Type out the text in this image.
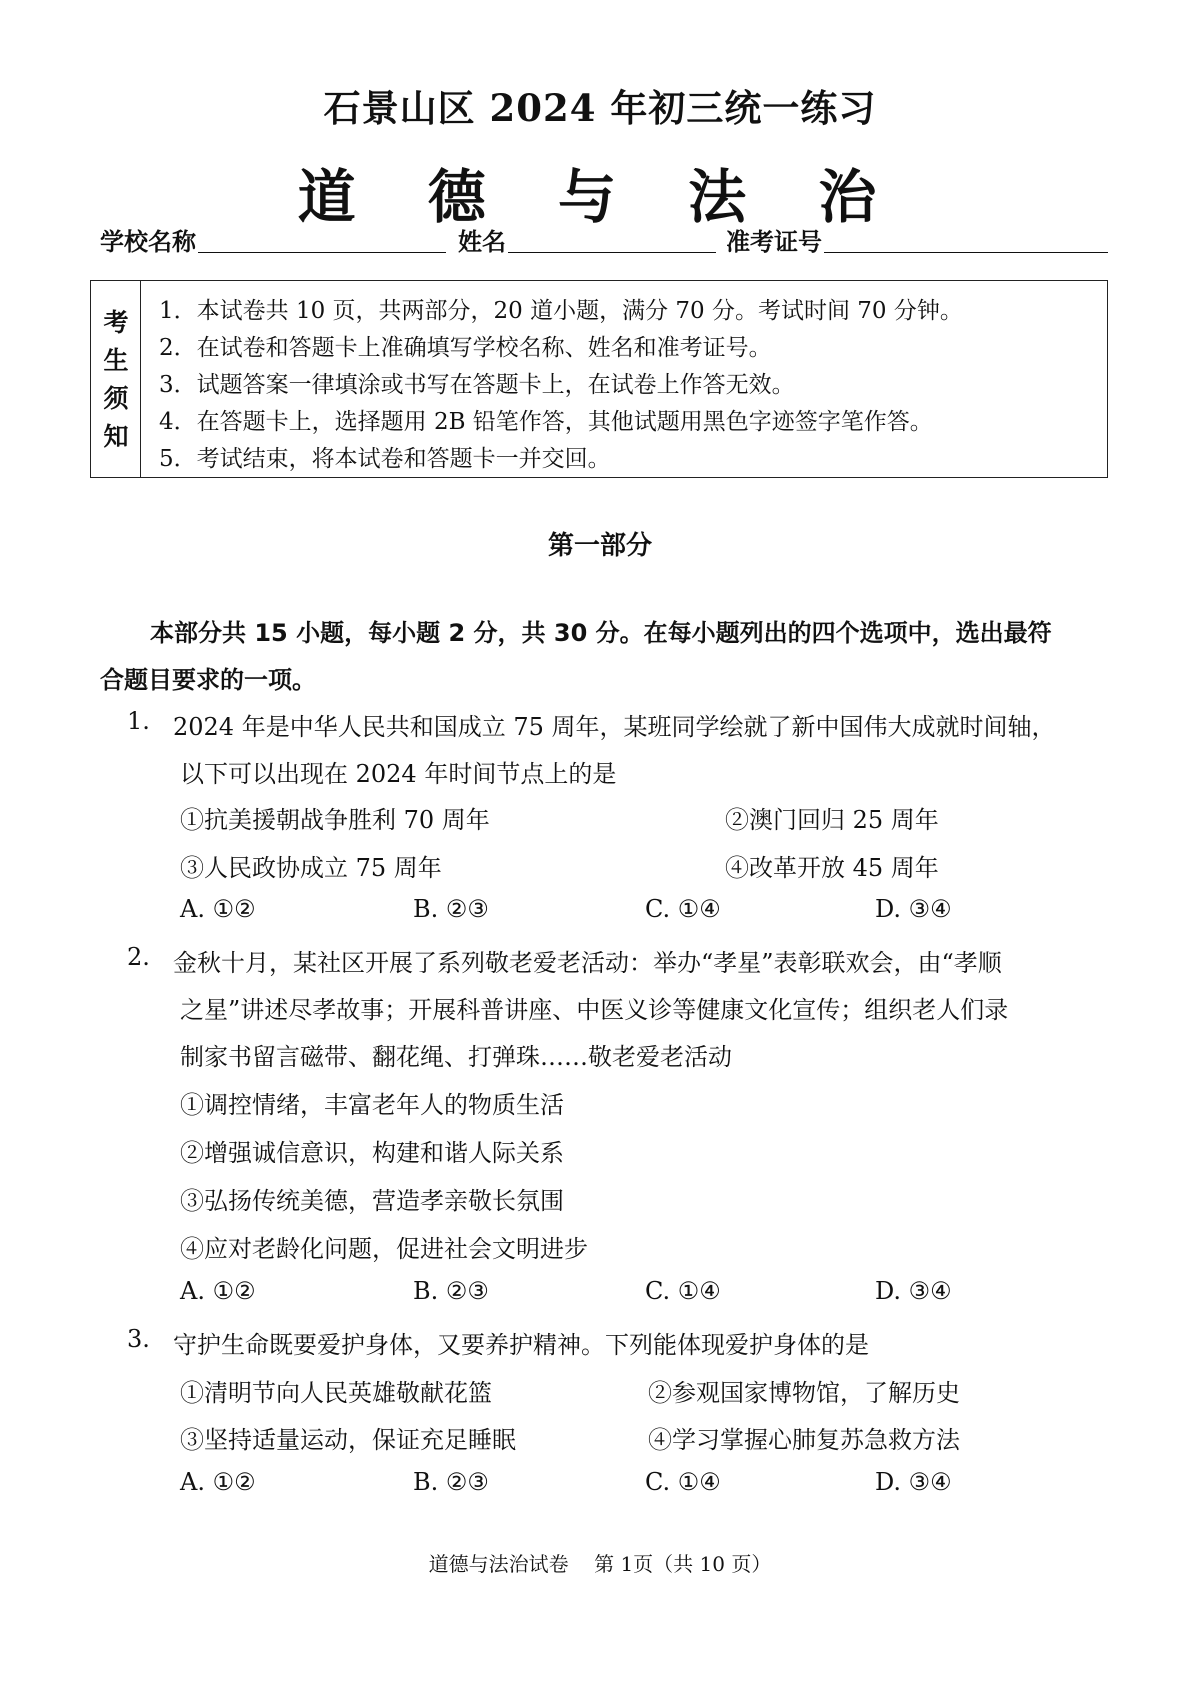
石景山区 2024 年初三统一练习
道 德 与 法 治
学校名称	姓名	准考证号
考
生
须
知
1．本试卷共 10 页，共两部分，20 道小题，满分 70 分。考试时间 70 分钟。
2．在试卷和答题卡上准确填写学校名称、姓名和准考证号。
3．试题答案一律填涂或书写在答题卡上，在试卷上作答无效。
4．在答题卡上，选择题用 2B 铅笔作答，其他试题用黑色字迹签字笔作答。
5．考试结束，将本试卷和答题卡一并交回。
第一部分
本部分共 15 小题，每小题 2 分，共 30 分。在每小题列出的四个选项中，选出最符
合题目要求的一项。
1. 2024 年是中华人民共和国成立 75 周年，某班同学绘就了新中国伟大成就时间轴，
以下可以出现在 2024 年时间节点上的是
①抗美援朝战争胜利 70 周年	②澳门回归 25 周年
③人民政协成立 75 周年	④改革开放 45 周年
A. ①②	B. ②③	C. ①④	D. ③④
2. 金秋十月，某社区开展了系列敬老爱老活动：举办“孝星”表彰联欢会，由“孝顺
之星”讲述尽孝故事；开展科普讲座、中医义诊等健康文化宣传；组织老人们录
制家书留言磁带、翻花绳、打弹珠……敬老爱老活动
①调控情绪，丰富老年人的物质生活
②增强诚信意识，构建和谐人际关系
③弘扬传统美德，营造孝亲敬长氛围
④应对老龄化问题，促进社会文明进步
A. ①②	B. ②③	C. ①④	D. ③④
3. 守护生命既要爱护身体，又要养护精神。下列能体现爱护身体的是
①清明节向人民英雄敬献花篮	②参观国家博物馆，了解历史
③坚持适量运动，保证充足睡眠	④学习掌握心肺复苏急救方法
A. ①②	B. ②③	C. ①④	D. ③④
道德与法治试卷    第 1页（共 10 页）
